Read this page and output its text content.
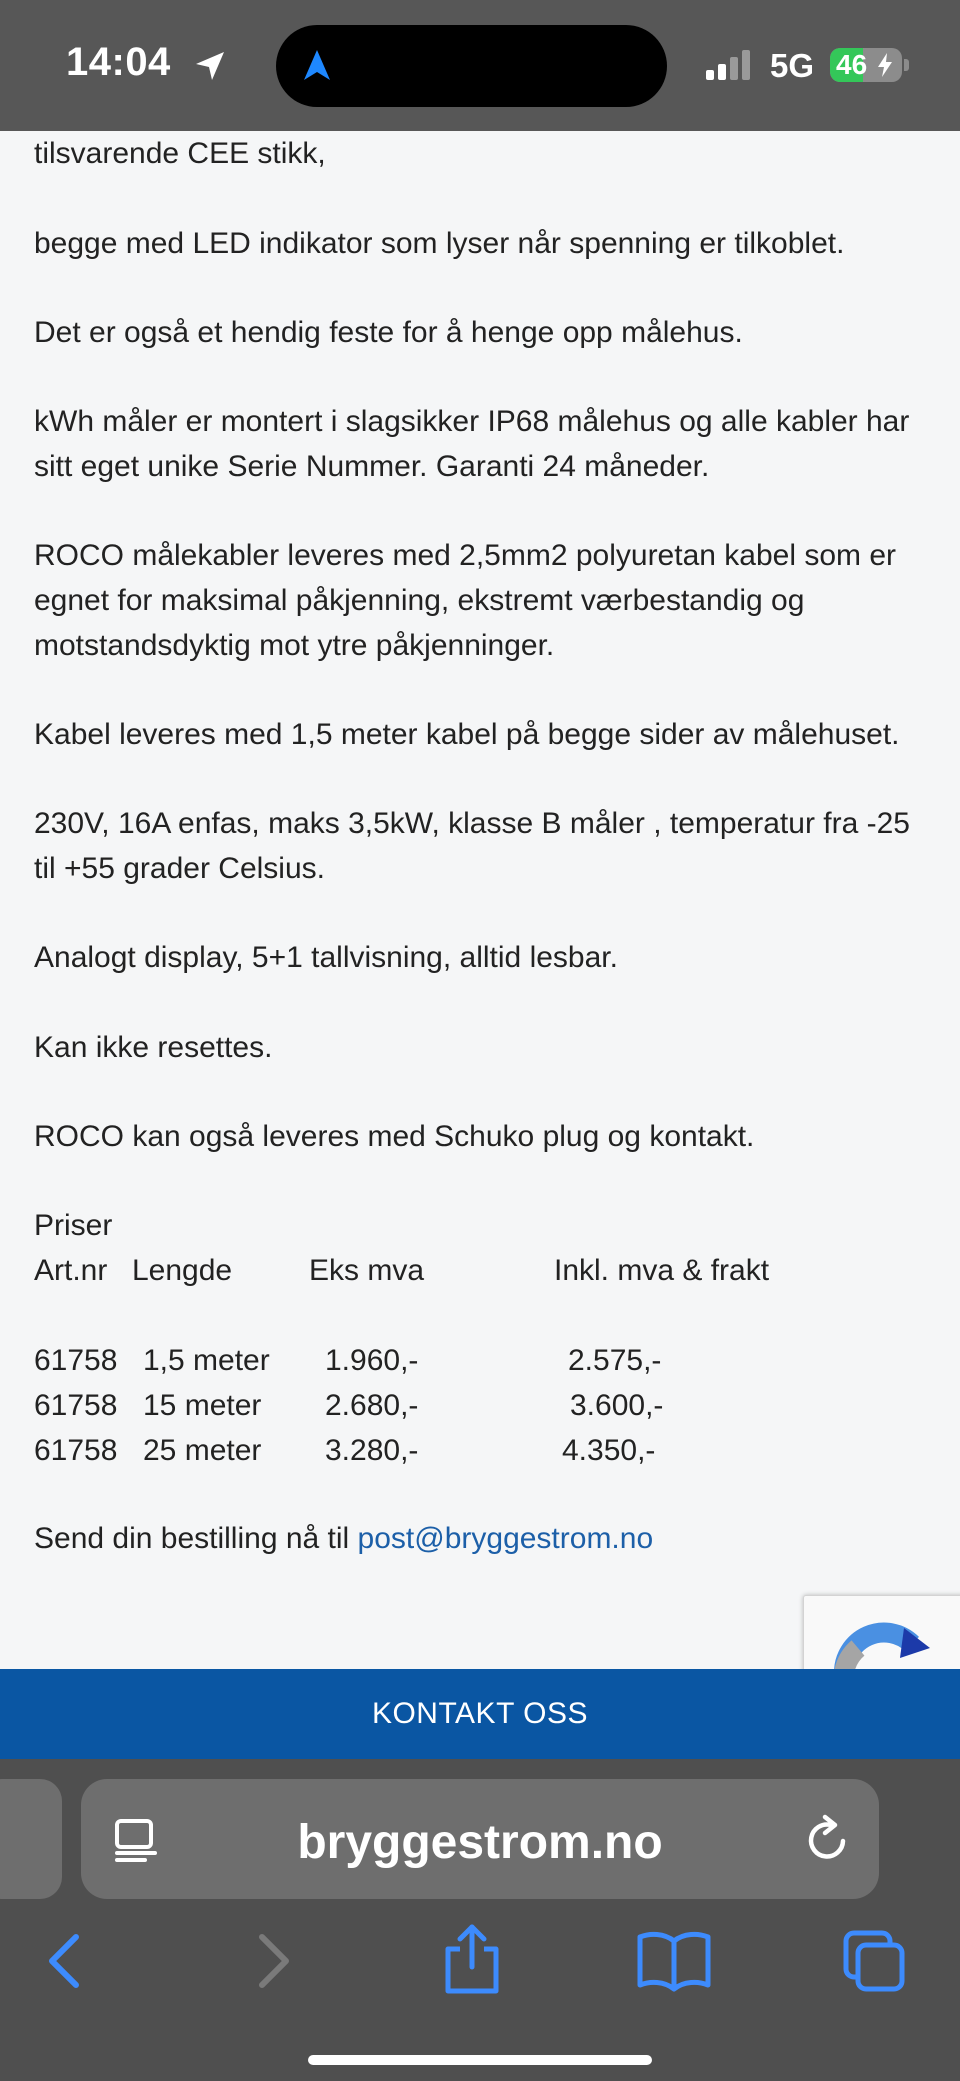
14:04	5G 46

tilsvarende CEE stikk,

begge med LED indikator som lyser når spenning er tilkoblet.

Det er også et hendig feste for å henge opp målehus.

kWh måler er montert i slagsikker IP68 målehus og alle kabler har sitt eget unike Serie Nummer. Garanti 24 måneder.

ROCO målekabler leveres med 2,5mm2 polyuretan kabel som er egnet for maksimal påkjenning, ekstremt værbestandig og motstandsdyktig mot ytre påkjenninger.

Kabel leveres med 1,5 meter kabel på begge sider av målehuset.

230V, 16A enfas, maks 3,5kW, klasse B måler , temperatur fra -25 til +55 grader Celsius.

Analogt display, 5+1 tallvisning, alltid lesbar.

Kan ikke resettes.

ROCO kan også leveres med Schuko plug og kontakt.

Priser
Art.nr Lengde	Eks mva	Inkl. mva & frakt
61758 1,5 meter 1.960,-	2.575,-
61758 15 meter 2.680,-	3.600,-
61758 25 meter 3.280,-	4.350,-

Send din bestilling nå til post@bryggestrom.no

KONTAKT OSS
bryggestrom.no
